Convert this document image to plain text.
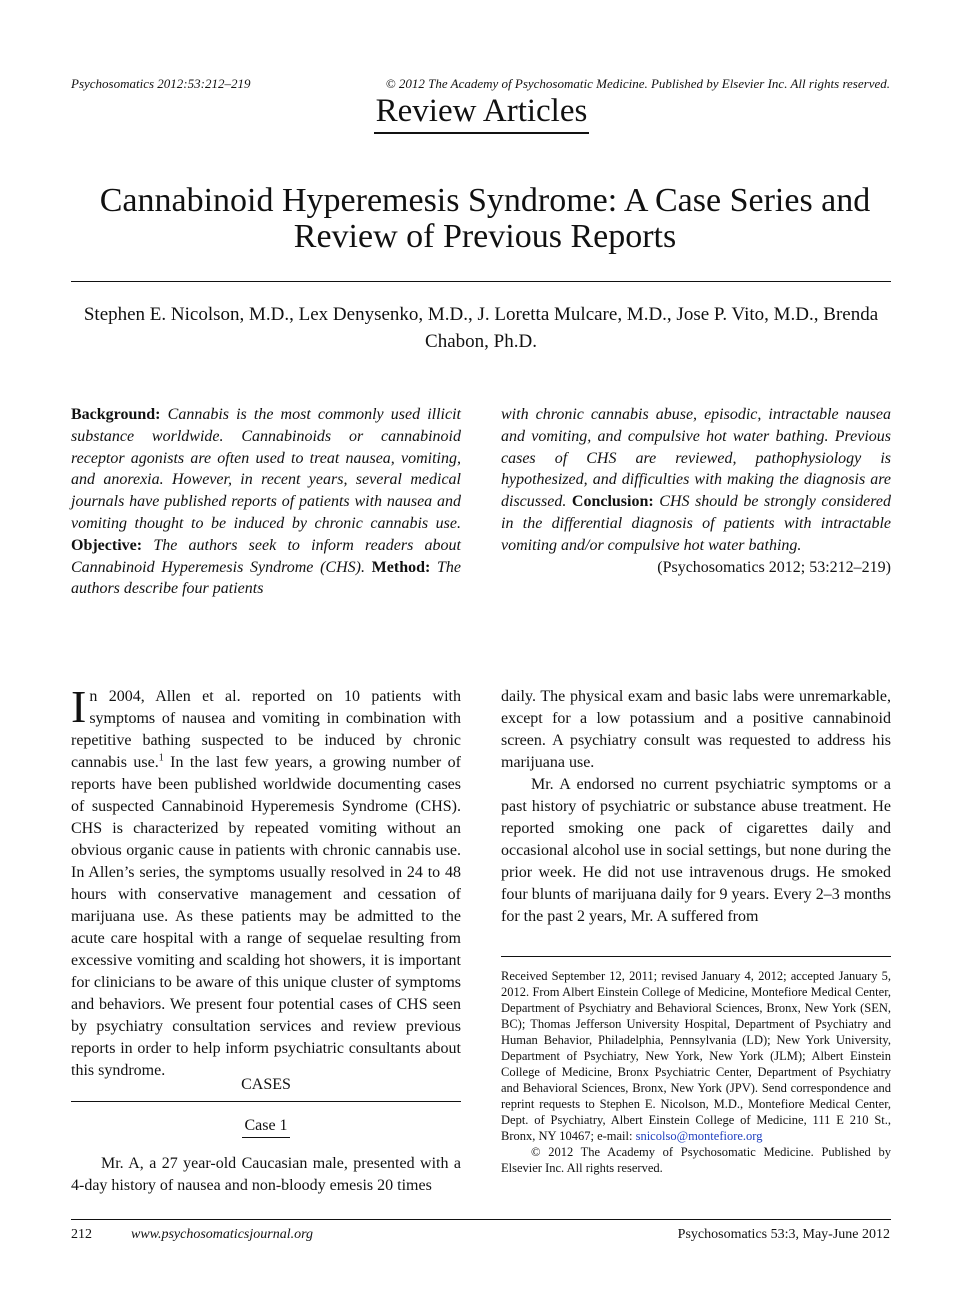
Psychosomatics 2012:53:212–219	© 2012 The Academy of Psychosomatic Medicine. Published by Elsevier Inc. All rights reserved.
Review Articles
Cannabinoid Hyperemesis Syndrome: A Case Series and Review of Previous Reports
Stephen E. Nicolson, M.D., Lex Denysenko, M.D., J. Loretta Mulcare, M.D., Jose P. Vito, M.D., Brenda Chabon, Ph.D.
Background: Cannabis is the most commonly used illicit substance worldwide. Cannabinoids or cannabinoid receptor agonists are often used to treat nausea, vomiting, and anorexia. However, in recent years, several medical journals have published reports of patients with nausea and vomiting thought to be induced by chronic cannabis use. Objective: The authors seek to inform readers about Cannabinoid Hyperemesis Syndrome (CHS). Method: The authors describe four patients
with chronic cannabis abuse, episodic, intractable nausea and vomiting, and compulsive hot water bathing. Previous cases of CHS are reviewed, pathophysiology is hypothesized, and difficulties with making the diagnosis are discussed. Conclusion: CHS should be strongly considered in the differential diagnosis of patients with intractable vomiting and/or compulsive hot water bathing.
(Psychosomatics 2012; 53:212–219)

In 2004, Allen et al. reported on 10 patients with symptoms of nausea and vomiting in combination with repetitive bathing suspected to be induced by chronic cannabis use.$^1$ In the last few years, a growing number of reports have been published worldwide documenting cases of suspected Cannabinoid Hyperemesis Syndrome (CHS). CHS is characterized by repeated vomiting without an obvious organic cause in patients with chronic cannabis use. In Allen’s series, the symptoms usually resolved in 24 to 48 hours with conservative management and cessation of marijuana use. As these patients may be admitted to the acute care hospital with a range of sequelae resulting from excessive vomiting and scalding hot showers, it is important for clinicians to be aware of this unique cluster of symptoms and behaviors. We present four potential cases of CHS seen by psychiatry consultation services and review previous reports in order to help inform psychiatric consultants about this syndrome.

CASES
Case 1

Mr. A, a 27 year-old Caucasian male, presented with a 4-day history of nausea and non-bloody emesis 20 times

daily. The physical exam and basic labs were unremarkable, except for a low potassium and a positive cannabinoid screen. A psychiatry consult was requested to address his marijuana use.

Mr. A endorsed no current psychiatric symptoms or a past history of psychiatric or substance abuse treatment. He reported smoking one pack of cigarettes daily and occasional alcohol use in social settings, but none during the prior week. He did not use intravenous drugs. He smoked four blunts of marijuana daily for 9 years. Every 2–3 months for the past 2 years, Mr. A suffered from

Received September 12, 2011; revised January 4, 2012; accepted January 5, 2012. From Albert Einstein College of Medicine, Montefiore Medical Center, Department of Psychiatry and Behavioral Sciences, Bronx, New York (SEN, BC); Thomas Jefferson University Hospital, Department of Psychiatry and Human Behavior, Philadelphia, Pennsylvania (LD); New York University, Department of Psychiatry, New York, New York (JLM); Albert Einstein College of Medicine, Bronx Psychiatric Center, Department of Psychiatry and Behavioral Sciences, Bronx, New York (JPV). Send correspondence and reprint requests to Stephen E. Nicolson, M.D., Montefiore Medical Center, Dept. of Psychiatry, Albert Einstein College of Medicine, 111 E 210 St., Bronx, NY 10467; e-mail: snicolso@montefiore.org

© 2012 The Academy of Psychosomatic Medicine. Published by Elsevier Inc. All rights reserved.

212	www.psychosomaticsjournal.org	Psychosomatics 53:3, May-June 2012
